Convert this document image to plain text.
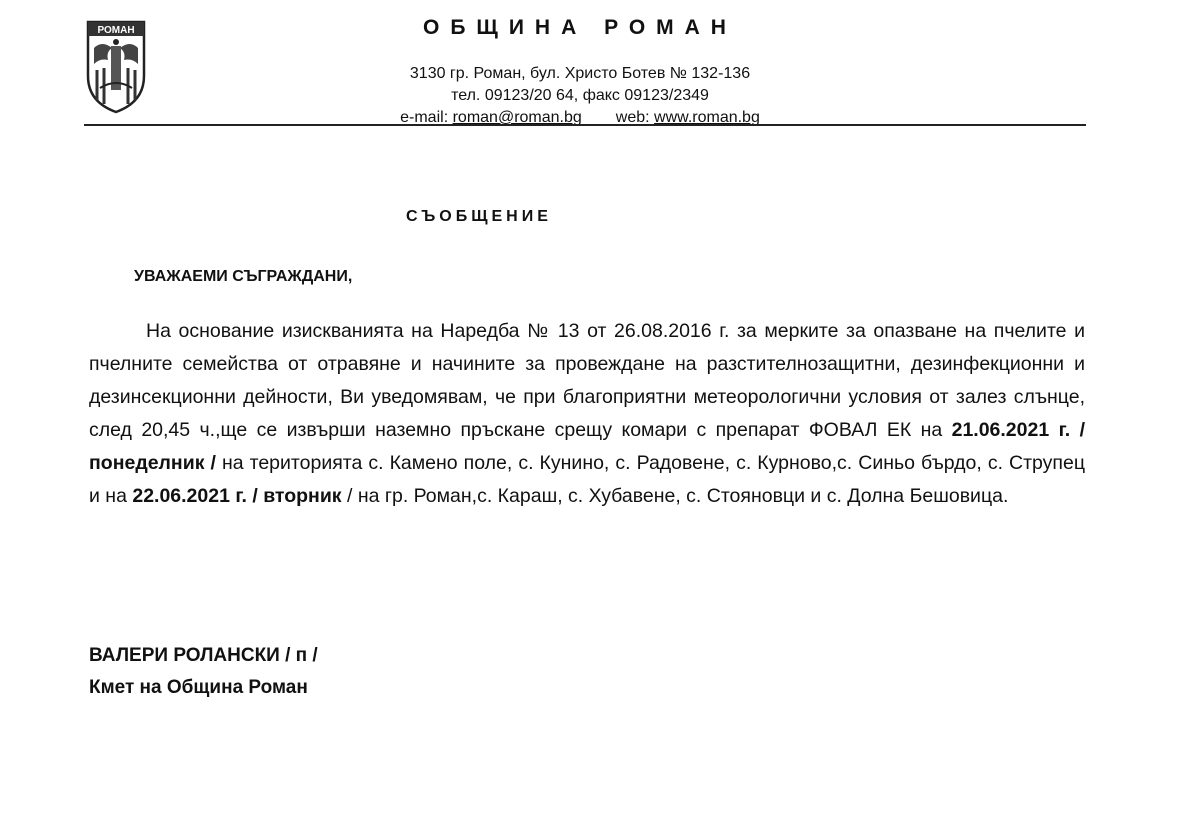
РОМАН	ОБЩИНА РОМАН
3130 гр. Роман, бул. Христо Ботев № 132-136
тел. 09123/20 64, факс 09123/2349
e-mail: roman@roman.bg web: www.roman.bg
СЪОБЩЕНИЕ
УВАЖАЕМИ СЪГРАЖДАНИ,
На основание изискванията на Наредба № 13 от 26.08.2016 г. за мерките за опазване на пчелите и пчелните семейства от отравяне и начините за провеждане на разстителнозащитни, дезинфекционни и дезинсекционни дейности, Ви уведомявам, че при благоприятни метеорологични условия от залез слънце, след 20,45 ч.,ще се извърши наземно пръскане срещу комари с препарат ФОВАЛ ЕК на 21.06.2021 г. / понеделник / на територията с. Камено поле, с. Кунино, с. Радовене, с. Курново,с. Синьо бърдо, с. Струпец и на 22.06.2021 г. / вторник / на гр. Роман,с. Караш, с. Хубавене, с. Стояновци и с. Долна Бешовица.
ВАЛЕРИ РОЛАНСКИ / п /
Кмет на Община Роман
